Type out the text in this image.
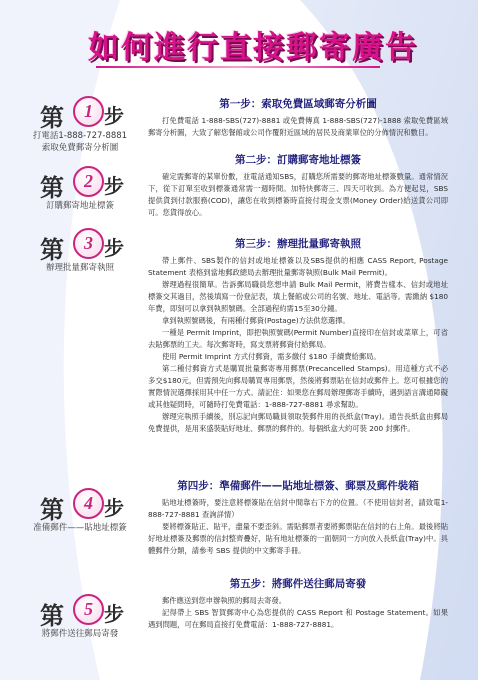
如何進行直接郵寄廣告
第	1 步
打電話1-888-727-8881
索取免費郵寄分析圖
第	2 步
訂購郵寄地址標簽
第	3 步
辦理批量郵寄執照
第	4 步
准備郵件——貼地址標簽
第	5 步
將郵件送往郵局寄發
第一步：索取免費區域郵寄分析圖

打免費電話 1-888-SBS(727)-8881 或免費傳真 1-888-SBS(727)-1888 索取免費區域郵寄分析圖，大致了解您餐館或公司作覆附近區域的居民及商業單位的分佈情況和數目。

第二步：訂購郵寄地址標簽

確定需郵寄的某單份數，並電話通知SBS，訂購您所需要的郵寄地址標簽數量。通常情況下，從下訂單至收到標簽通常需一週時間。加特快郵寄三、四天可收到。為方便起見，SBS 提供貨到付款服務(COD)，讓您在收到標簽時直接付現金支票(Money Order)給送貨公司即可。您貨得放心。

第三步：辦理批量郵寄執照

帶上郵件、SBS製作的信封或地址標簽以及SBS提供的相應 CASS Report, Postage Statement 表格到當地郵政總局去辦理批量郵寄執照(Bulk Mail Permit)。

辦理過程很簡單。告訴郵局職員您想申請 Bulk Mail Permit，將費告樣本、信封或地址標簽交其過目，然後填寫一份登記表，填上餐館或公司的名號、地址、電話等。需繳納 $180 年費，即刻可以拿到執照號碼。全部過程約需15至30分鐘。

拿到執照號碼後，有兩種付郵資(Postage)方法供您選擇。

一種是 Permit Imprint，即把執照號碼(Permit Number)直接印在信封或菜單上，可省去貼郵票的工夫。每次郵寄時，寫支票將郵資付給郵局。

使用 Permit Imprint 方式付郵資，需多繳付 $180 手續費給郵局。

第二種付郵資方式是購買批量郵寄專用郵票(Precancelled Stamps)。用這種方式不必多交$180元，但需預先向郵局購買專用郵票，然後將郵票貼在信封或郵件上。您可根據您的實際情況選擇採用其中任一方式。請記住：如果您在郵局辦理郵寄手續時，遇到語言溝通障礙或其他疑問時，可隨時打免費電話：1-888-727-8881 尋求幫助。

辦理完執照手續後，別忘記向郵局職員領取裝郵件用的長紙盒(Tray)。通告長紙盒由郵局免費提供，是用來盛裝貼好地址、郵票的郵件的。每個紙盒大約可裝 200 封郵件。

第四步：準備郵件——貼地址標簽、郵票及郵件裝箱

貼地址標簽時，要注意將標簽貼在信封中間靠右下方的位置。（不使用信封者，請致電1-888-727-8881 查詢詳情）

要將標簽貼正、貼平，盡量不要歪斜。需貼郵票者要將郵票貼在信封的右上角。最後將貼好地址標簽及郵票的信封整齊疊好，貼有地址標簽的一面朝同一方向放入長紙盒(Tray)中。具體郵件分類，請參考 SBS 提供的中文郵寄手冊。

第五步：將郵件送往郵局寄發

郵件應送到您申辦執照的郵局去寄發。

記得帶上 SBS 智賀郵寄中心為您提供的 CASS Report 和 Postage Statement。如果遇到問題，可在郵局直接打免費電話：1-888-727-8881。
